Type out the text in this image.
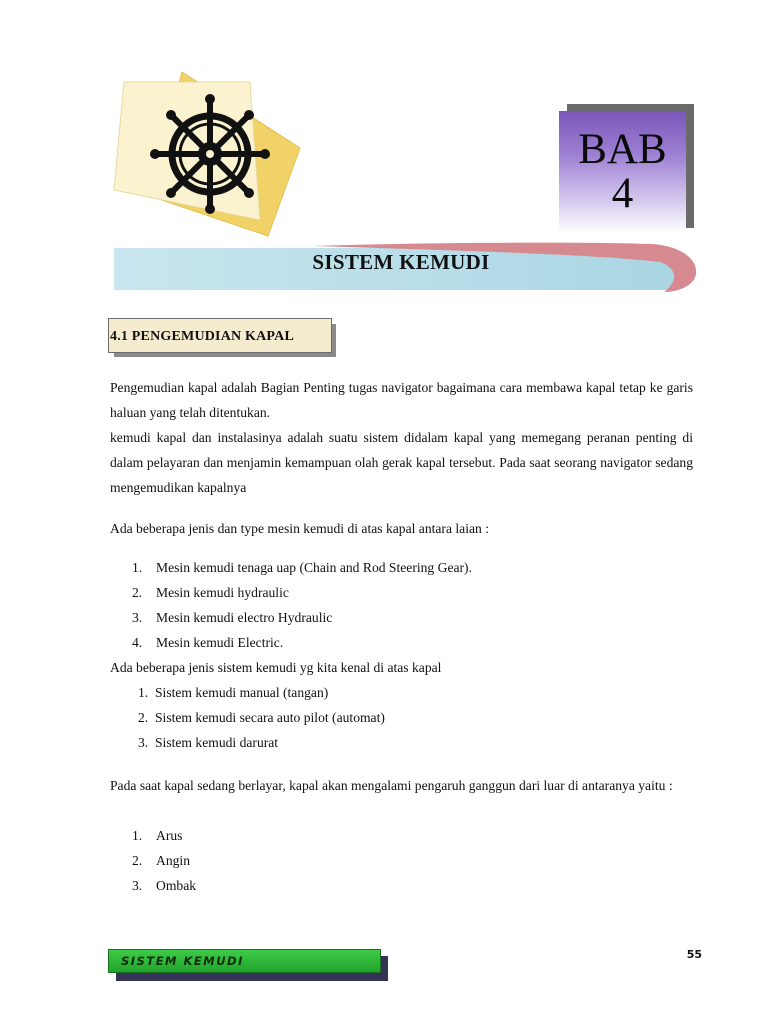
BAB
4
SISTEM KEMUDI
4.1 PENGEMUDIAN KAPAL
Pengemudian kapal adalah Bagian Penting tugas navigator bagaimana cara membawa kapal tetap ke garis haluan yang telah ditentukan.
kemudi kapal dan instalasinya adalah suatu sistem didalam kapal yang memegang peranan penting di dalam pelayaran dan menjamin kemampuan olah gerak kapal tersebut. Pada saat seorang navigator sedang mengemudikan kapalnya
Ada beberapa jenis dan type mesin kemudi di atas kapal antara laian :
1. Mesin kemudi tenaga uap (Chain and Rod Steering Gear).
2. Mesin kemudi hydraulic
3. Mesin kemudi electro Hydraulic
4. Mesin kemudi Electric.
Ada beberapa jenis sistem kemudi yg kita kenal di atas kapal
1. Sistem kemudi manual (tangan)
2. Sistem kemudi secara auto pilot (automat)
3. Sistem kemudi darurat
Pada saat kapal sedang berlayar, kapal akan mengalami pengaruh ganggun dari luar di antaranya yaitu :
1. Arus
2. Angin
3. Ombak
SISTEM KEMUDI	55
